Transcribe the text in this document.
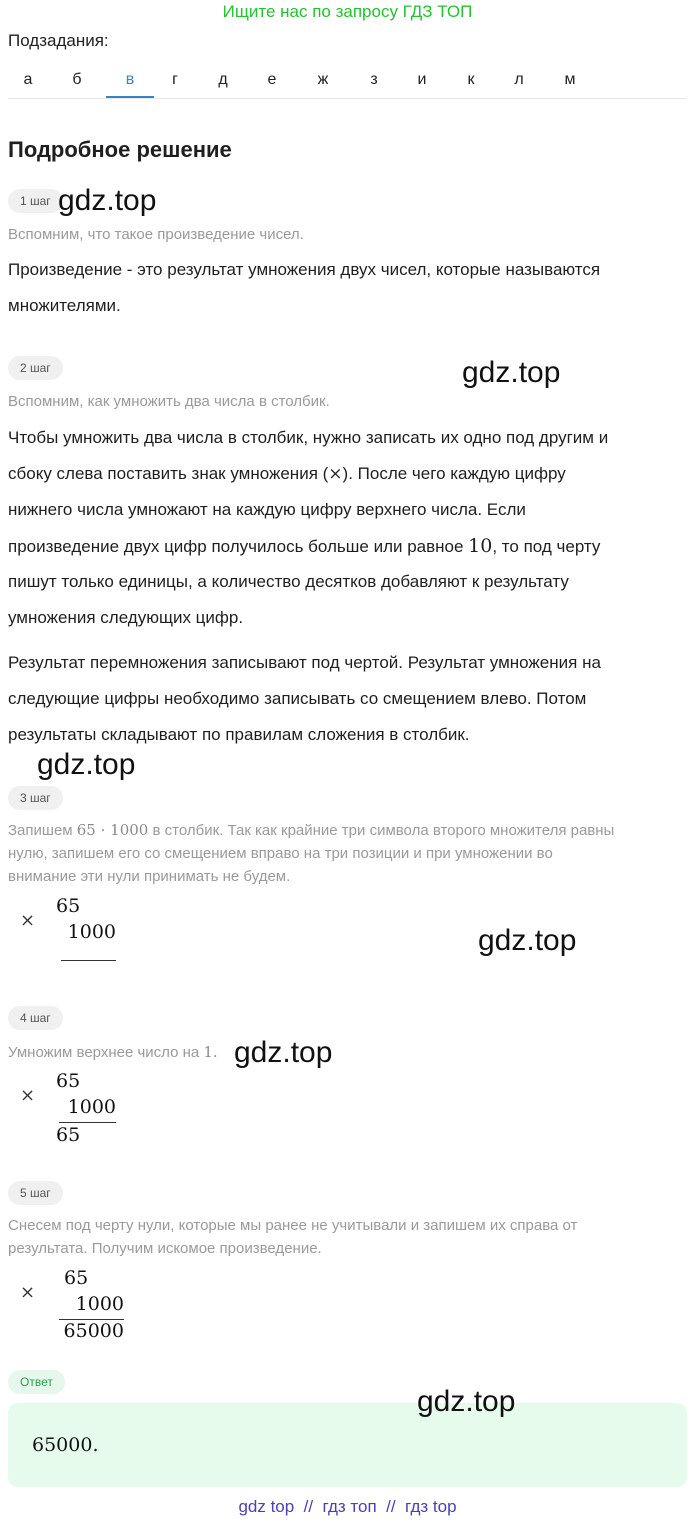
Ищите нас по запросу ГДЗ ТОП
Подзадания:
а	б	в	г	д	е	ж	з	и	к	л	м
Подробное решение
1 шаг gdz.top
Вспомним, что такое произведение чисел.
Произведение - это результат умножения двух чисел, которые называются
множителями.
2 шаг	gdz.top
Вспомним, как умножить два числа в столбик.
Чтобы умножить два числа в столбик, нужно записать их одно под другим и
сбоку слева поставить знак умножения (×). После чего каждую цифру
нижнего числа умножают на каждую цифру верхнего числа. Если
произведение двух цифр получилось больше или равное 10, то под черту
пишут только единицы, а количество десятков добавляют к результату
умножения следующих цифр.
Результат перемножения записывают под чертой. Результат умножения на
следующие цифры необходимо записывать со смещением влево. Потом
результаты складывают по правилам сложения в столбик.
gdz.top
3 шаг
Запишем 65 · 1000 в столбик. Так как крайние три символа второго множителя равны
нулю, запишем его со смещением вправо на три позиции и при умножении во
внимание эти нули принимать не будем.
×
65
1000	gdz.top
4 шаг
Умножим верхнее число на 1. gdz.top
×
65
1000
65
5 шаг
Снесем под черту нули, которые мы ранее не учитывали и запишем их справа от
результата. Получим искомое произведение.
×
65
1000
65000
Ответ
gdz.top
65000.
gdz top  //  гдз топ  //  гдз top
